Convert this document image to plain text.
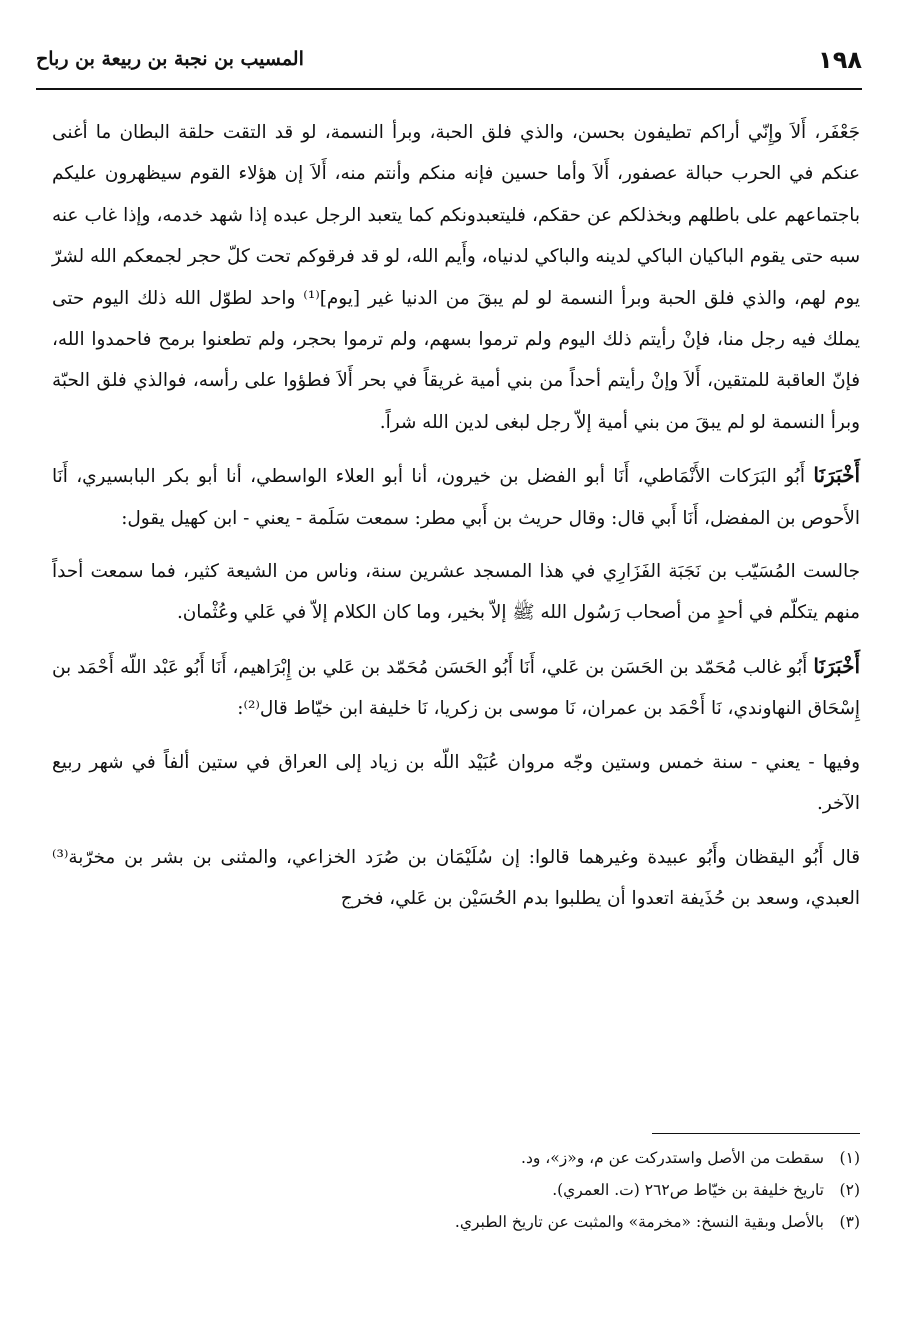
١٩٨
المسيب بن نجبة بن ربيعة بن رباح

جَعْفَر، أَلاَ وإِنّي أراكم تطيفون بحسن، والذي فلق الحبة، وبرأ النسمة، لو قد التقت حلقة البطان ما أغنى عنكم في الحرب حبالة عصفور، أَلاَ وأما حسين فإنه منكم وأنتم منه، أَلاَ إن هؤلاء القوم سيظهرون عليكم باجتماعهم على باطلهم وبخذلكم عن حقكم، فليتعبدونكم كما يتعبد الرجل عبده إذا شهد خدمه، وإذا غاب عنه سبه حتى يقوم الباكيان الباكي لدينه والباكي لدنياه، وأَيم الله، لو قد فرقوكم تحت كلّ حجر لجمعكم الله لشرّ يوم لهم، والذي فلق الحبة وبرأ النسمة لو لم يبقَ من الدنيا غير [يوم]⁽¹⁾ واحد لطوّل الله ذلك اليوم حتى يملك فيه رجل منا، فإنْ رأيتم ذلك اليوم ولم ترموا بسهم، ولم ترموا بحجر، ولم تطعنوا برمح فاحمدوا الله، فإنّ العاقبة للمتقين، أَلاَ وإنْ رأيتم أحداً من بني أمية غريقاً في بحر أَلاَ فطؤوا على رأسه، فوالذي فلق الحبّة وبرأ النسمة لو لم يبقَ من بني أمية إلاّ رجل لبغى لدين الله شراً.

أَخْبَرَنَا أَبُو البَرَكات الأَنْمَاطي، أَنَا أبو الفضل بن خيرون، أنا أبو العلاء الواسطي، أنا أبو بكر البابسيري، أَنَا الأَحوص بن المفضل، أَنَا أَبي قال: وقال حريث بن أَبي مطر: سمعت سَلَمة - يعني - ابن كهيل يقول:

جالست المُسَيّب بن نَجَبَة الفَزَارِي في هذا المسجد عشرين سنة، وناس من الشيعة كثير، فما سمعت أحداً منهم يتكلّم في أحدٍ من أصحاب رَسُول الله ﷺ إلاّ بخير، وما كان الكلام إلاّ في عَلي وعُثْمان.

أَخْبَرَنَا أَبُو غالب مُحَمّد بن الحَسَن بن عَلي، أَنَا أَبُو الحَسَن مُحَمّد بن عَلي بن إِبْرَاهيم، أَنَا أَبُو عَبْد اللّه أَحْمَد بن إِسْحَاق النهاوندي، نَا أَحْمَد بن عمران، نَا موسى بن زكريا، نَا خليفة ابن خيّاط قال⁽²⁾:

وفيها - يعني - سنة خمس وستين وجّه مروان عُبَيْد اللّه بن زياد إلى العراق في ستين ألفاً في شهر ربيع الآخر.

قال أَبُو اليقظان وأَبُو عبيدة وغيرهما قالوا: إن سُلَيْمَان بن صُرَد الخزاعي، والمثنى بن بشر بن مخرّبة⁽³⁾ العبدي، وسعد بن حُذَيفة اتعدوا أن يطلبوا بدم الحُسَيْن بن عَلي، فخرج

(١)
سقطت من الأصل واستدركت عن م، و«ز»، ود.
(٢)
تاريخ خليفة بن خيّاط ص٢٦٢ (ت. العمري).
(٣)
بالأصل وبقية النسخ: «مخرمة» والمثبت عن تاريخ الطبري.
